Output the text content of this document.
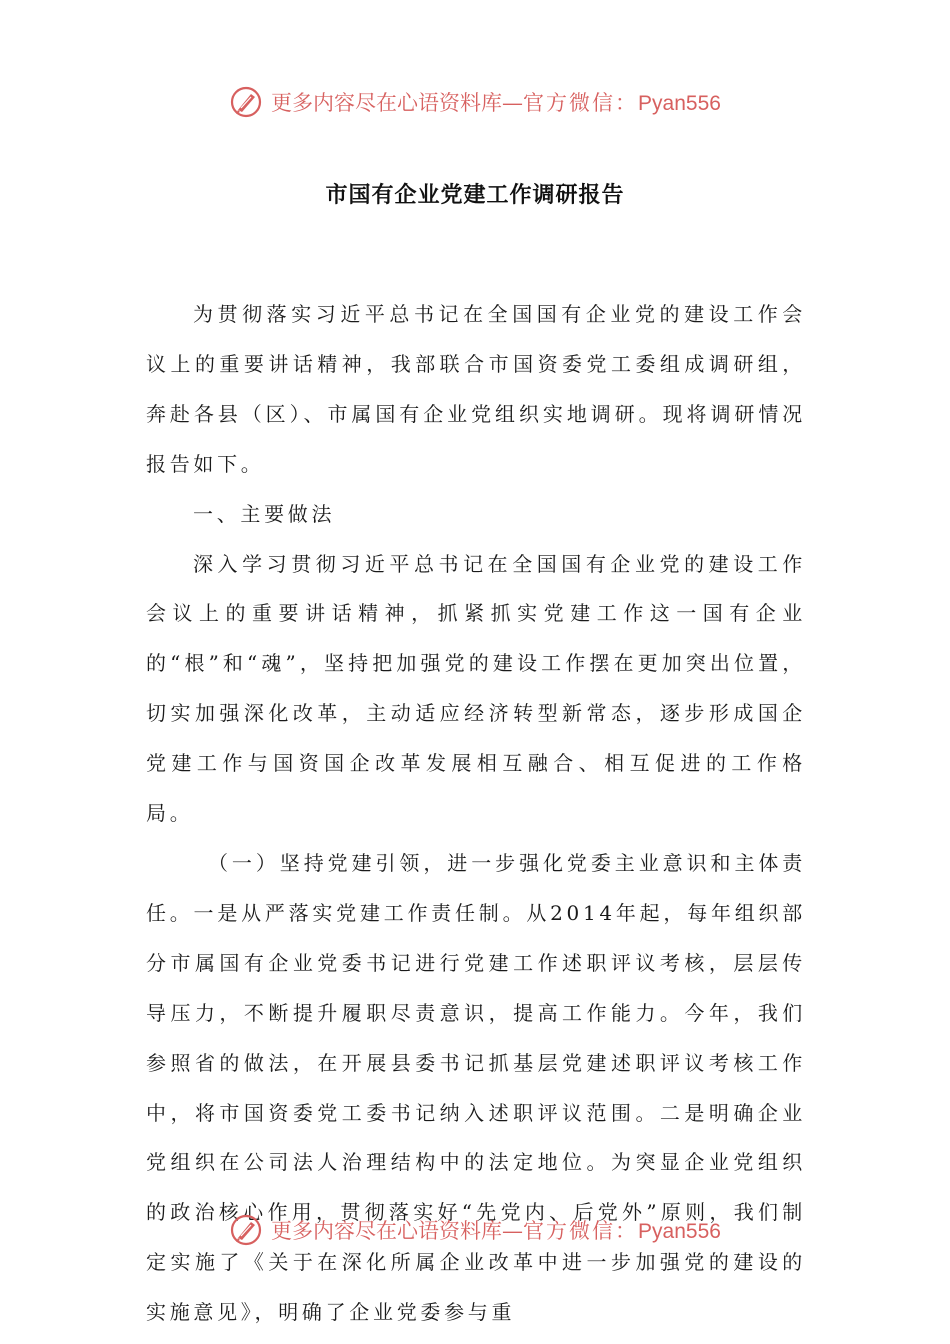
更多内容尽在心语资料库—官方微信：Pyan556
市国有企业党建工作调研报告

为贯彻落实习近平总书记在全国国有企业党的建设工作会议上的重要讲话精神，我部联合市国资委党工委组成调研组，奔赴各县（区）、市属国有企业党组织实地调研。现将调研情况报告如下。

一、主要做法

深入学习贯彻习近平总书记在全国国有企业党的建设工作会议上的重要讲话精神，抓紧抓实党建工作这一国有企业的“根”和“魂”，坚持把加强党的建设工作摆在更加突出位置，切实加强深化改革，主动适应经济转型新常态，逐步形成国企党建工作与国资国企改革发展相互融合、相互促进的工作格局。

（一）坚持党建引领，进一步强化党委主业意识和主体责任。一是从严落实党建工作责任制。从2014年起，每年组织部分市属国有企业党委书记进行党建工作述职评议考核，层层传导压力，不断提升履职尽责意识，提高工作能力。今年，我们参照省的做法，在开展县委书记抓基层党建述职评议考核工作中，将市国资委党工委书记纳入述职评议范围。二是明确企业党组织在公司法人治理结构中的法定地位。为突显企业党组织的政治核心作用，贯彻落实好“先党内、后党外”原则，我们制定实施了《关于在深化所属企业改革中进一步加强党的建设的实施意见》，明确了企业党委参与重

更多内容尽在心语资料库—官方微信：Pyan556
